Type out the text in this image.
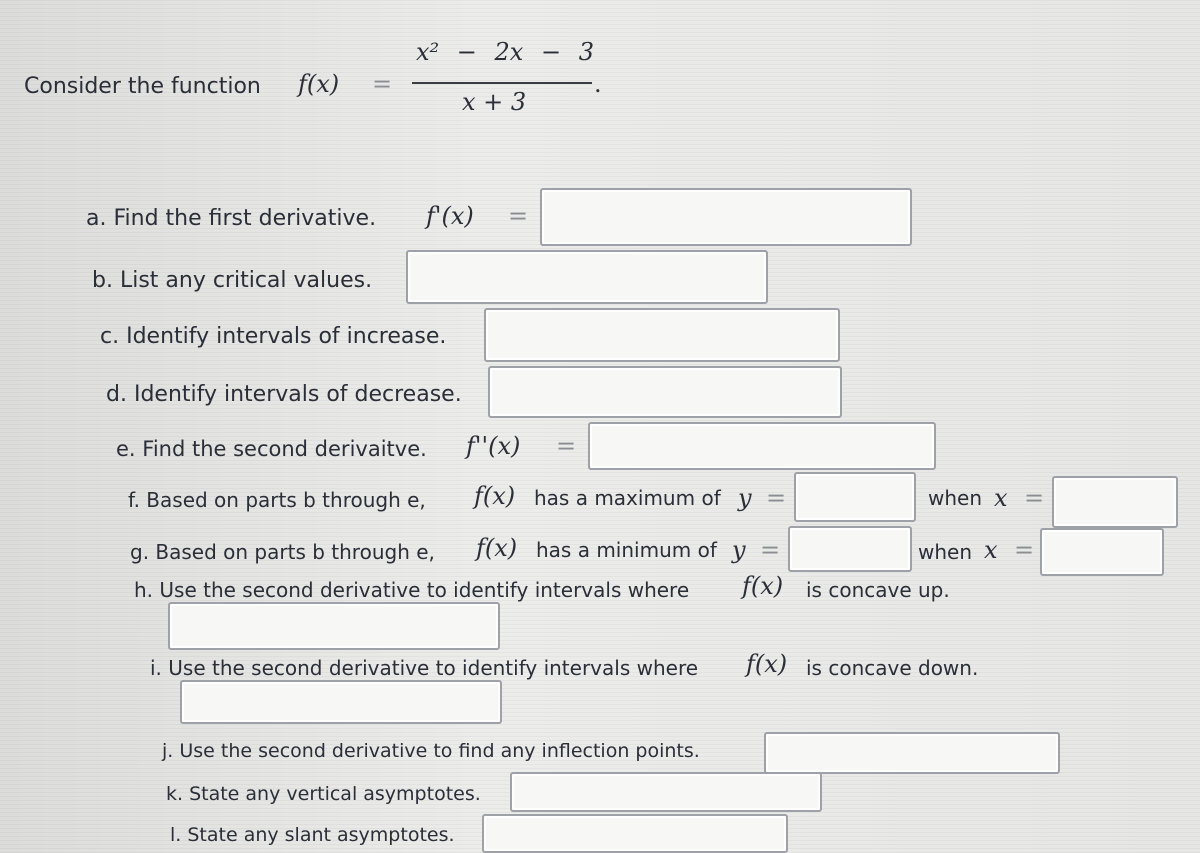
Consider the function f(x) =
x² − 2x − 3
x + 3
.
a. Find the first derivative. f'(x) =
b. List any critical values.
c. Identify intervals of increase.
d. Identify intervals of decrease.
e. Find the second derivaitve. f''(x) =
f. Based on parts b through e, f(x) has a maximum of y =	when x =
g. Based on parts b through e, f(x) has a minimum of y =	when x =
h. Use the second derivative to identify intervals where f(x) is concave up.
i. Use the second derivative to identify intervals where f(x) is concave down.
j. Use the second derivative to find any inflection points.
k. State any vertical asymptotes.
l. State any slant asymptotes.
